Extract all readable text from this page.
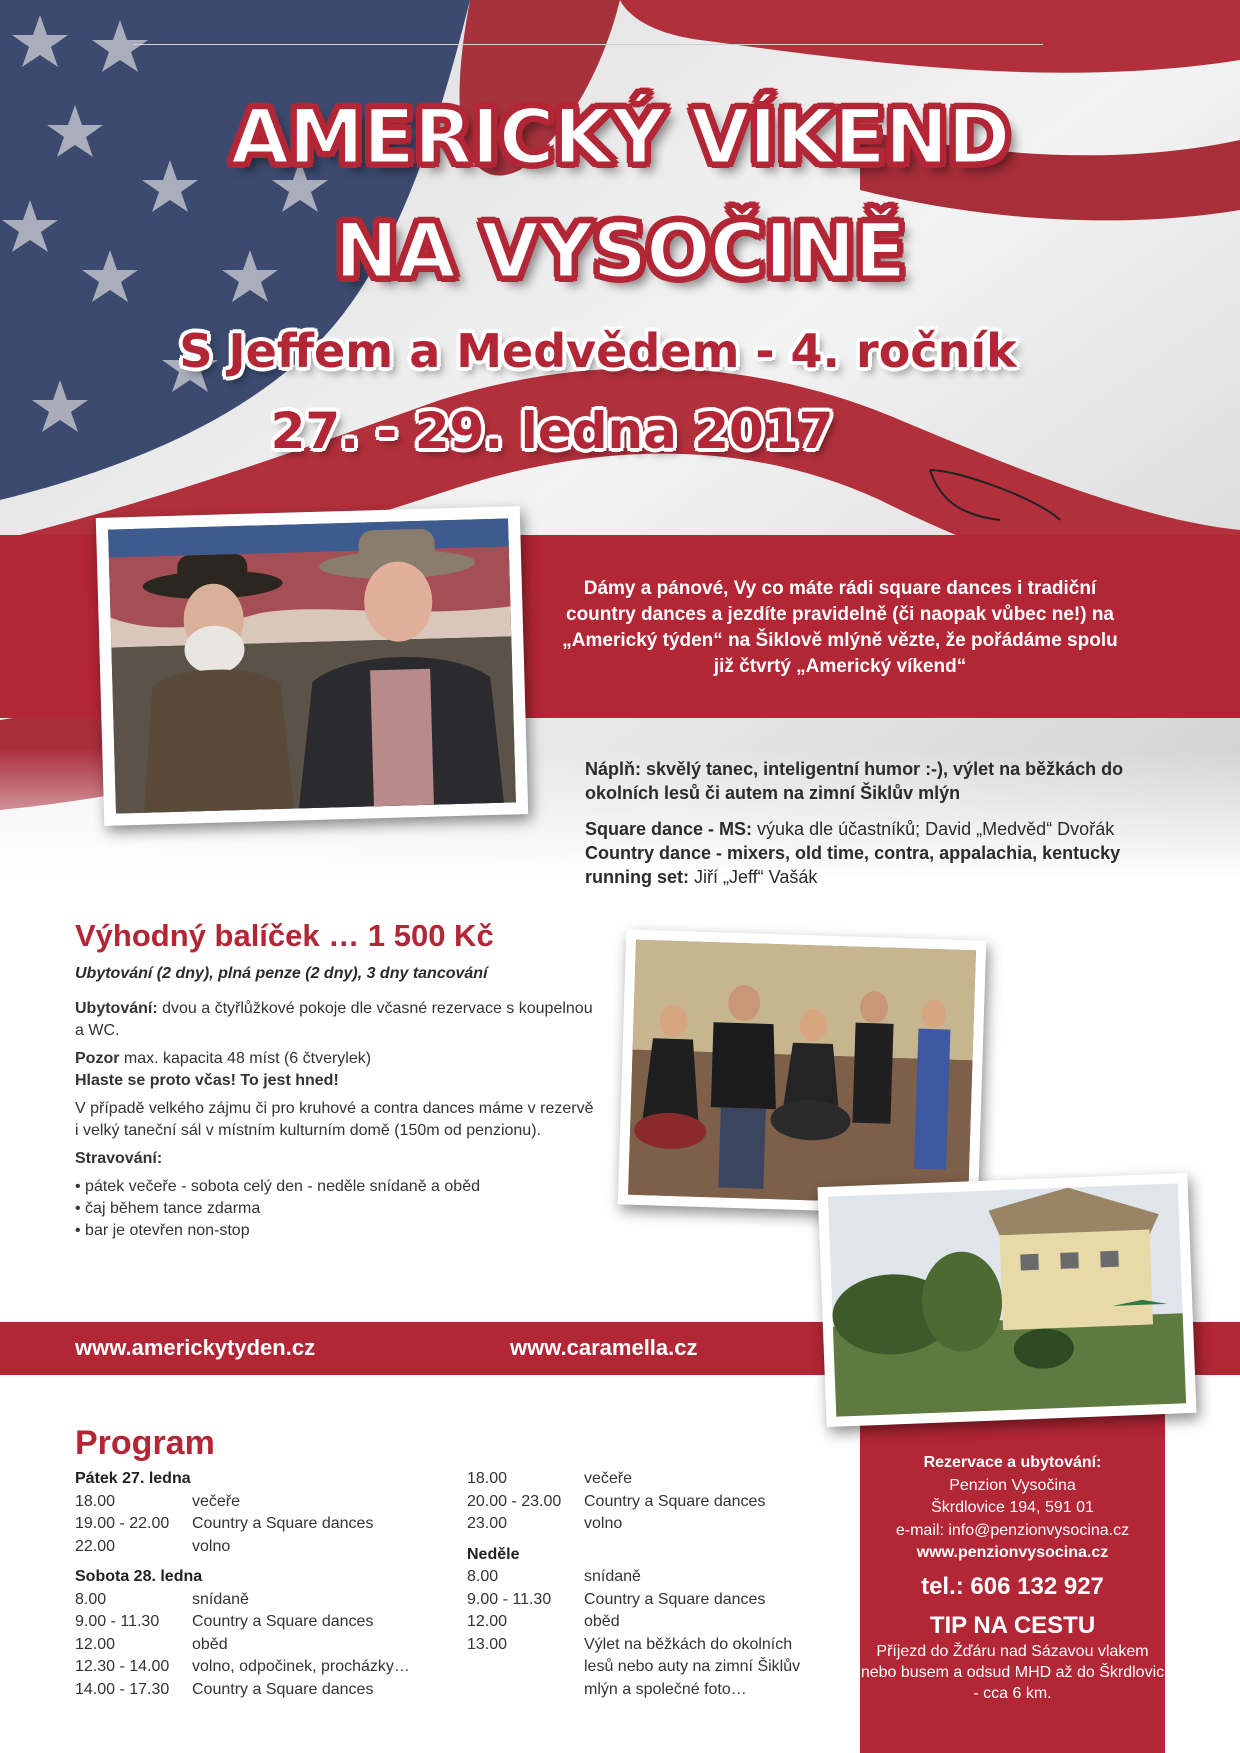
AMERICKÝ VÍKEND
NA VYSOČINĚ
S Jeffem a Medvědem - 4. ročník
27. - 29. ledna 2017
Dámy a pánové, Vy co máte rádi square dances i tradiční country dances a jezdíte pravidelně (či naopak vůbec ne!) na „Americký týden“ na Šiklově mlýně vězte, že pořádáme spolu již čtvrtý „Americký víkend“

Náplň: skvělý tanec, inteligentní humor :-), výlet na běžkách do okolních lesů či autem na zimní Šiklův mlýn

Square dance - MS: výuka dle účastníků; David „Medvěd“ Dvořák
Country dance - mixers, old time, contra, appalachia, kentucky running set: Jiří „Jeff“ Vašák

Výhodný balíček … 1 500 Kč
Ubytování (2 dny), plná penze (2 dny), 3 dny tancování

Ubytování: dvou a čtyřlůžkové pokoje dle včasné rezervace s koupelnou a WC.

Pozor max. kapacita 48 míst (6 čtverylek)

Hlaste se proto včas! To jest hned!

V případě velkého zájmu či pro kruhové a contra dances máme v rezervě i velký taneční sál v místním kulturním domě (150m od penzionu).

Stravování:

• pátek večeře - sobota celý den - neděle snídaně a oběd
• čaj během tance zdarma
• bar je otevřen non-stop
www.americkytyden.cz	www.caramella.cz
Program
Pátek 27. ledna
18.00	večeře
19.00 - 22.00	Country a Square dances
22.00	volno
Sobota 28. ledna
8.00	snídaně
9.00 - 11.30	Country a Square dances
12.00	oběd
12.30 - 14.00	volno, odpočinek, procházky…
14.00 - 17.30	Country a Square dances
18.00	večeře
20.00 - 23.00	Country a Square dances
23.00	volno
Neděle
8.00	snídaně
9.00 - 11.30	Country a Square dances
12.00	oběd
13.00	Výlet na běžkách do okolních lesů nebo auty na zimní Šiklův mlýn a společné foto…
Rezervace a ubytování:
Penzion Vysočina
Škrdlovice 194, 591 01
e-mail: info@penzionvysocina.cz
www.penzionvysocina.cz
tel.: 606 132 927
TIP NA CESTU
Příjezd do Žďáru nad Sázavou vlakem nebo busem a odsud MHD až do Škrdlovic - cca 6 km.
